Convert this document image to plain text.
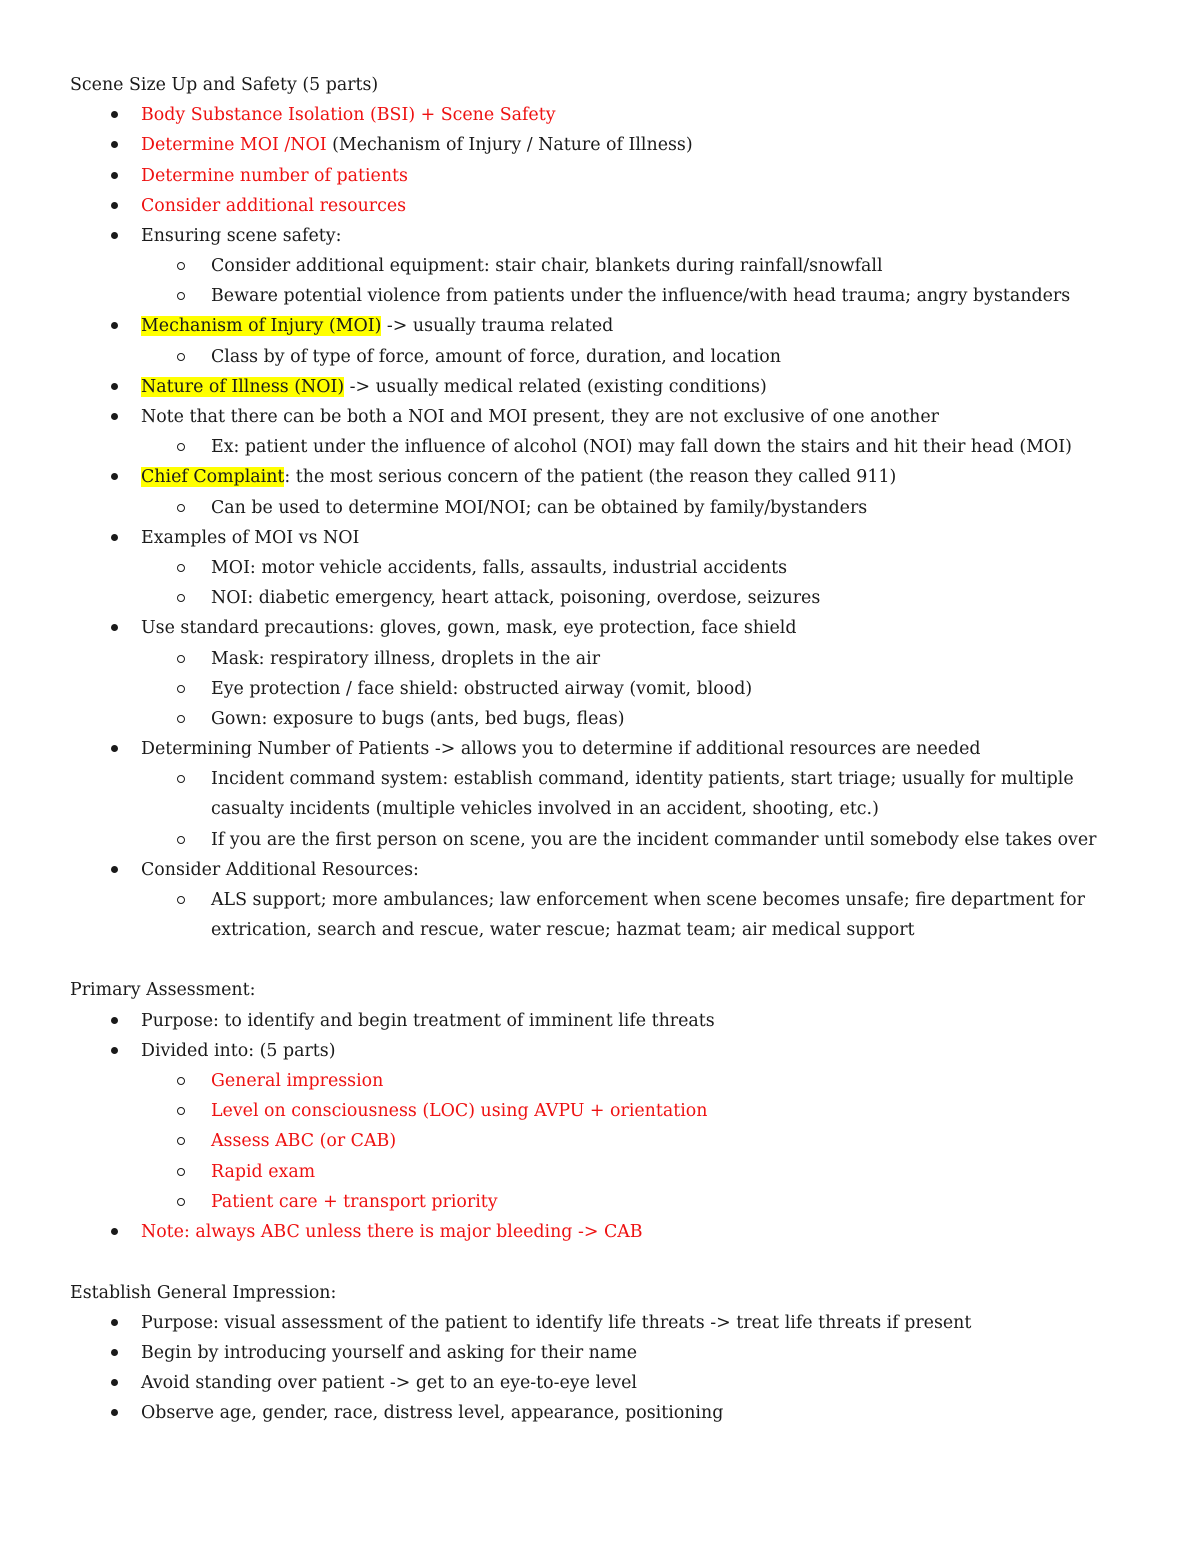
Scene Size Up and Safety (5 parts)
Body Substance Isolation (BSI) + Scene Safety
Determine MOI /NOI (Mechanism of Injury / Nature of Illness)
Determine number of patients
Consider additional resources
Ensuring scene safety:
Consider additional equipment: stair chair, blankets during rainfall/snowfall
Beware potential violence from patients under the influence/with head trauma; angry bystanders
Mechanism of Injury (MOI) -> usually trauma related
Class by of type of force, amount of force, duration, and location
Nature of Illness (NOI) -> usually medical related (existing conditions)
Note that there can be both a NOI and MOI present, they are not exclusive of one another
Ex: patient under the influence of alcohol (NOI) may fall down the stairs and hit their head (MOI)
Chief Complaint: the most serious concern of the patient (the reason they called 911)
Can be used to determine MOI/NOI; can be obtained by family/bystanders
Examples of MOI vs NOI
MOI: motor vehicle accidents, falls, assaults, industrial accidents
NOI: diabetic emergency, heart attack, poisoning, overdose, seizures
Use standard precautions: gloves, gown, mask, eye protection, face shield
Mask: respiratory illness, droplets in the air
Eye protection / face shield: obstructed airway (vomit, blood)
Gown: exposure to bugs (ants, bed bugs, fleas)
Determining Number of Patients -> allows you to determine if additional resources are needed
Incident command system: establish command, identity patients, start triage; usually for multiple
casualty incidents (multiple vehicles involved in an accident, shooting, etc.)
If you are the first person on scene, you are the incident commander until somebody else takes over
Consider Additional Resources:
ALS support; more ambulances; law enforcement when scene becomes unsafe; fire department for
extrication, search and rescue, water rescue; hazmat team; air medical support
Primary Assessment:
Purpose: to identify and begin treatment of imminent life threats
Divided into: (5 parts)
General impression
Level on consciousness (LOC) using AVPU + orientation
Assess ABC (or CAB)
Rapid exam
Patient care + transport priority
Note: always ABC unless there is major bleeding -> CAB
Establish General Impression:
Purpose: visual assessment of the patient to identify life threats -> treat life threats if present
Begin by introducing yourself and asking for their name
Avoid standing over patient -> get to an eye-to-eye level
Observe age, gender, race, distress level, appearance, positioning
